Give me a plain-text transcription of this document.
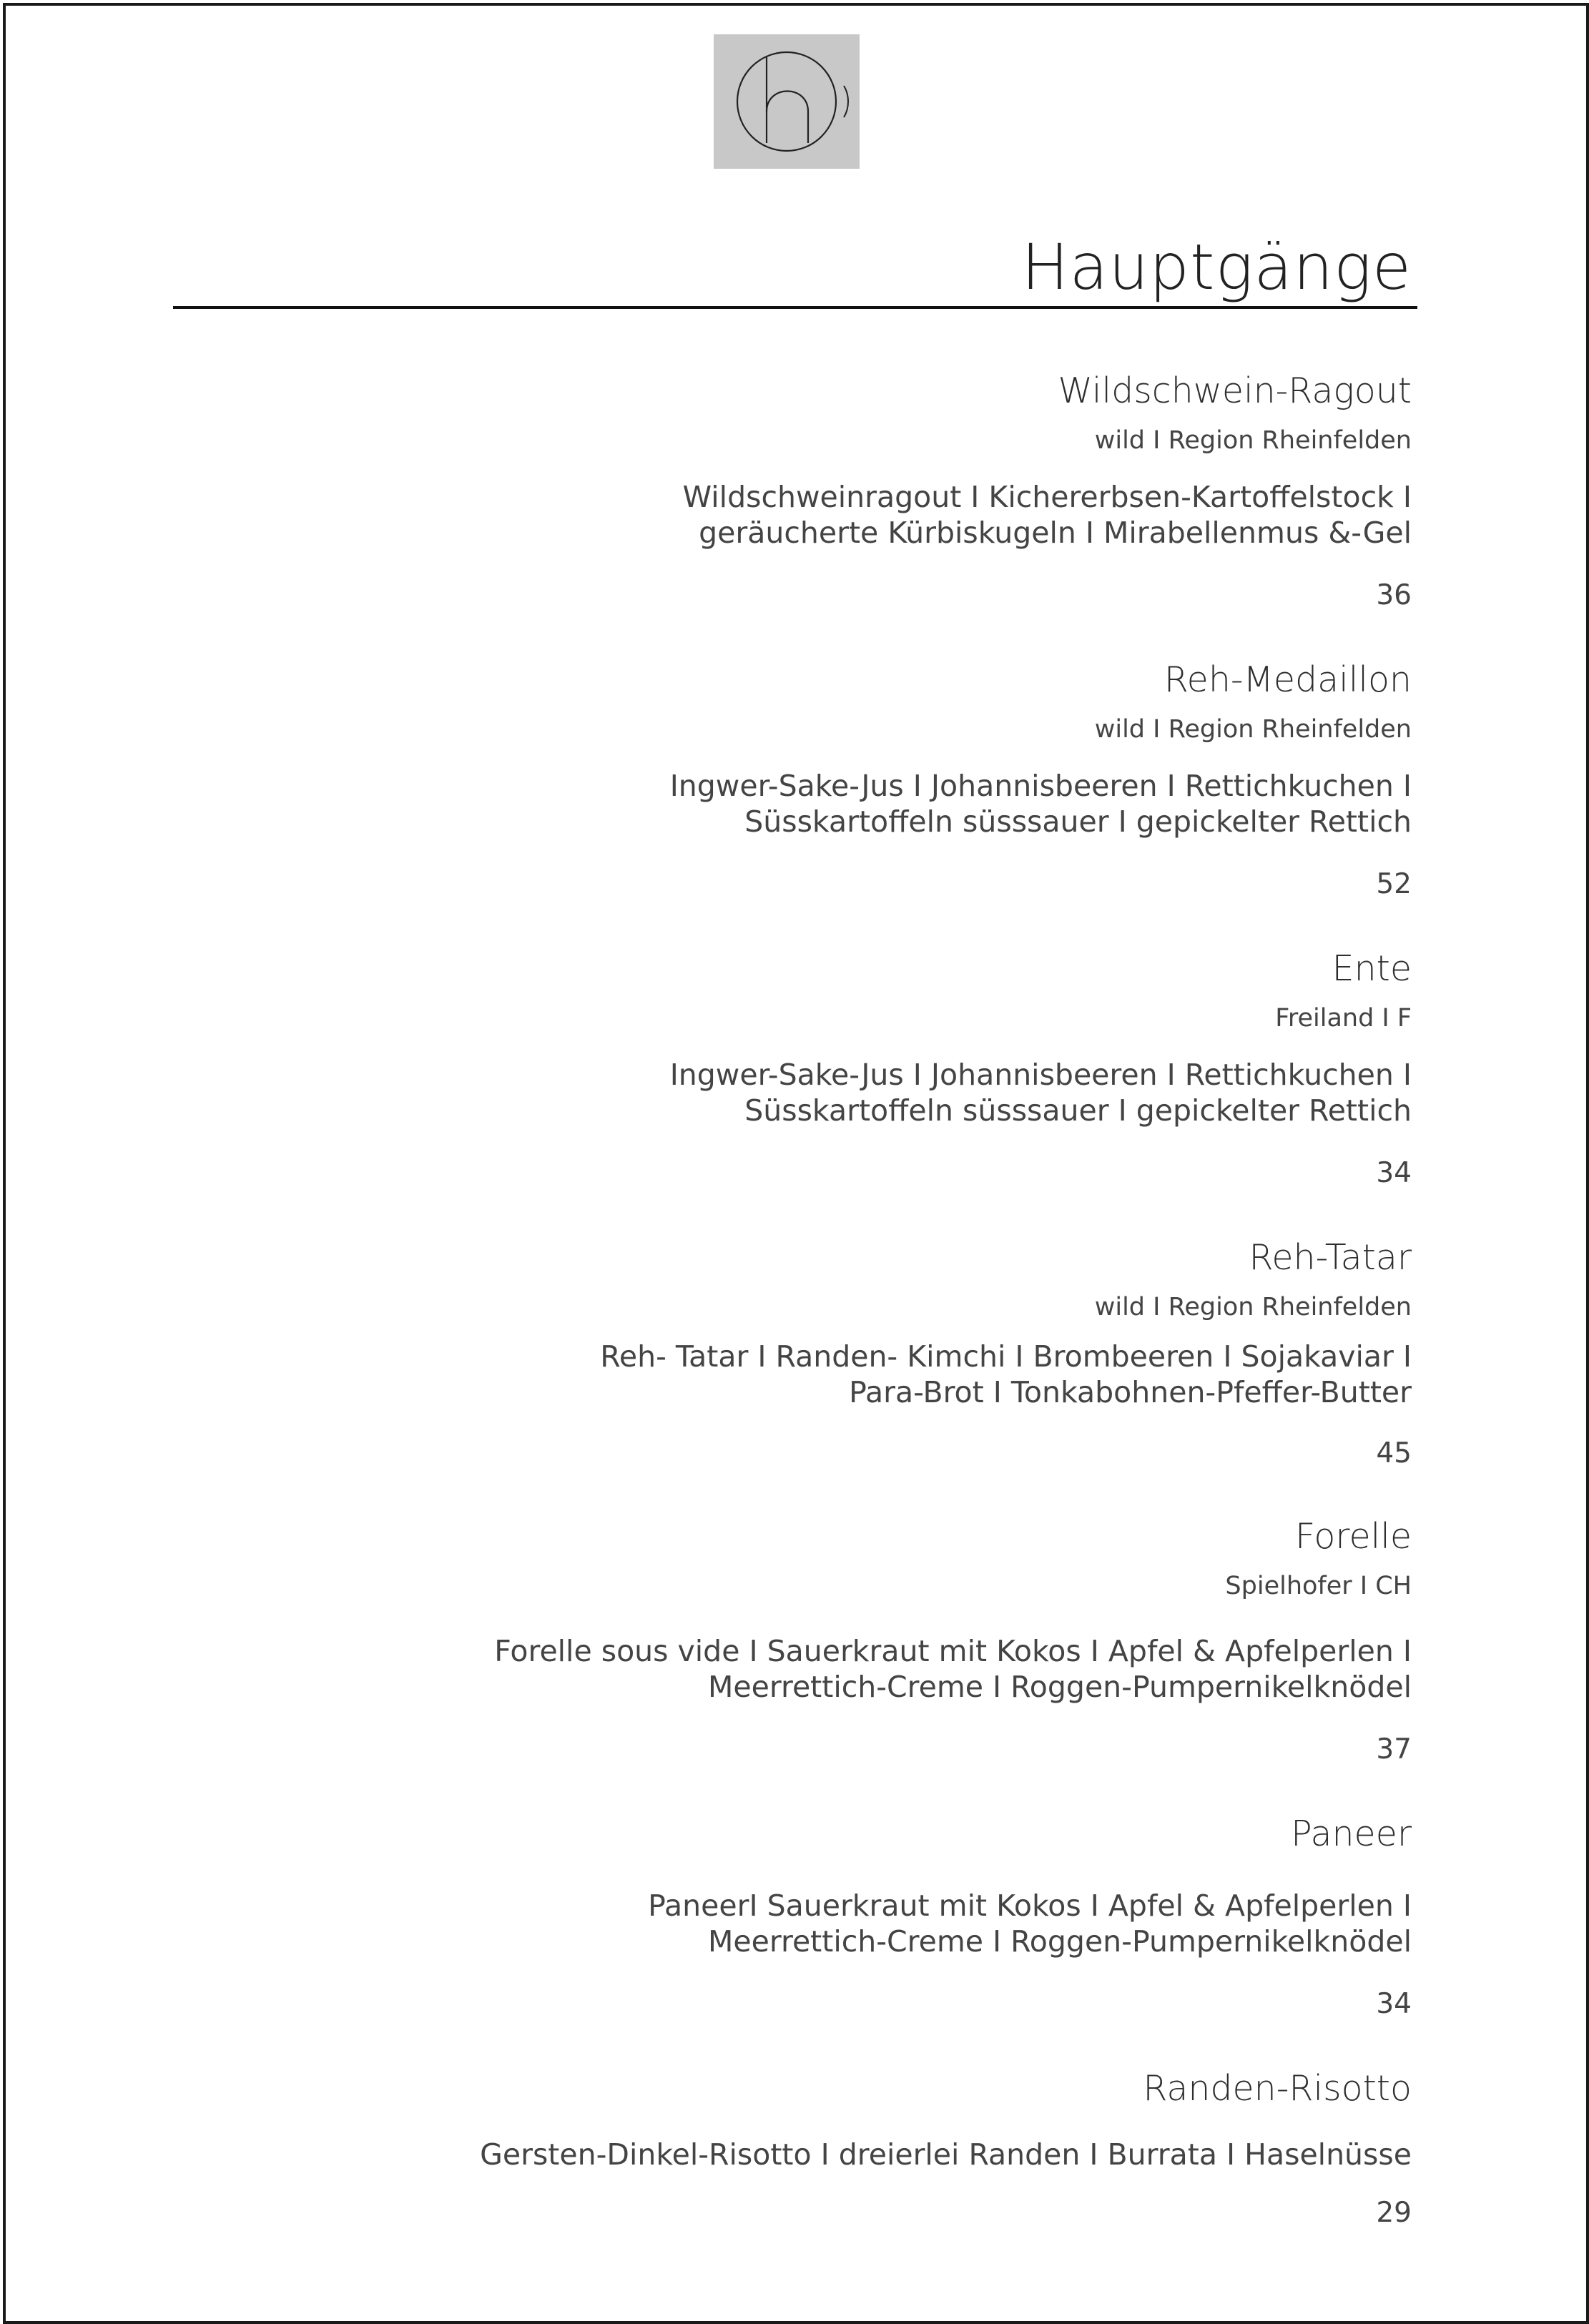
Hauptgänge
Wildschwein-Ragout
wild I Region Rheinfelden
Wildschweinragout I Kichererbsen-Kartoffelstock I
geräucherte Kürbiskugeln I Mirabellenmus &-Gel
36
Reh-Medaillon
wild I Region Rheinfelden
Ingwer-Sake-Jus I Johannisbeeren I Rettichkuchen I
Süsskartoffeln süsssauer I gepickelter Rettich
52
Ente
Freiland I F
Ingwer-Sake-Jus I Johannisbeeren I Rettichkuchen I
Süsskartoffeln süsssauer I gepickelter Rettich
34
Reh-Tatar
wild I Region Rheinfelden
Reh- Tatar I Randen- Kimchi I Brombeeren I Sojakaviar I
Para-Brot I Tonkabohnen-Pfeffer-Butter
45
Forelle
Spielhofer I CH
Forelle sous vide I Sauerkraut mit Kokos I Apfel & Apfelperlen I
Meerrettich-Creme I Roggen-Pumpernikelknödel
37
Paneer
PaneerI Sauerkraut mit Kokos I Apfel & Apfelperlen I
Meerrettich-Creme I Roggen-Pumpernikelknödel
34
Randen-Risotto
Gersten-Dinkel-Risotto I dreierlei Randen I Burrata I Haselnüsse
29
